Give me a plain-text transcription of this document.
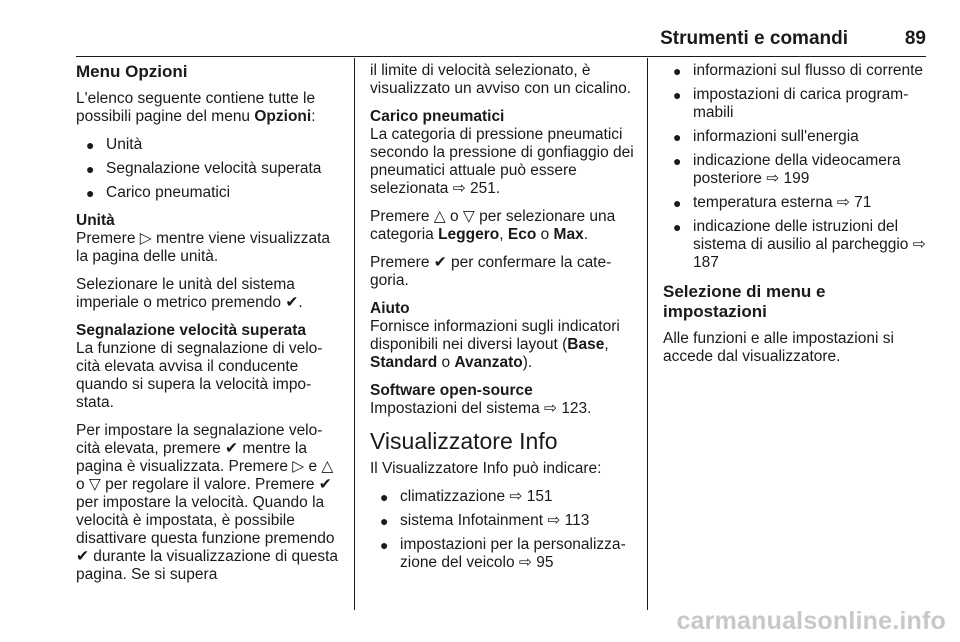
Strumenti e comandi	89
Menu Opzioni

L'elenco seguente contiene tutte le possibili pagine del menu Opzioni:

● Unità
● Segnalazione velocità superata
● Carico pneumatici
Unità

Premere ▷ mentre viene visualizzata la pagina delle unità.

Selezionare le unità del sistema imperiale o metrico premendo ✔.

Segnalazione velocità superata

La funzione di segnalazione di velocità elevata avvisa il conducente quando si supera la velocità impostata.

Per impostare la segnalazione velocità elevata, premere ✔ mentre la pagina è visualizzata. Premere ▷ e △ o ▽ per regolare il valore. Premere ✔ per impostare la velocità. Quando la velocità è impostata, è possibile disattivare questa funzione premendo ✔ durante la visualizzazione di questa pagina. Se si supera

il limite di velocità selezionato, è visualizzato un avviso con un cicalino.

Carico pneumatici

La categoria di pressione pneumatici secondo la pressione di gonfiaggio dei pneumatici attuale può essere selezionata ⇨ 251.

Premere △ o ▽ per selezionare una categoria Leggero, Eco o Max.

Premere ✔ per confermare la categoria.

Aiuto

Fornisce informazioni sugli indicatori disponibili nei diversi layout (Base, Standard o Avanzato).

Software open-source

Impostazioni del sistema ⇨ 123.

Visualizzatore Info

Il Visualizzatore Info può indicare:

● climatizzazione ⇨ 151
● sistema Infotainment ⇨ 113
● impostazioni per la personalizzazione del veicolo ⇨ 95
● informazioni sul flusso di corrente
● impostazioni di carica programmabili
● informazioni sull'energia
● indicazione della videocamera posteriore ⇨ 199
● temperatura esterna ⇨ 71
● indicazione delle istruzioni del sistema di ausilio al parcheggio ⇨ 187
Selezione di menu e impostazioni

Alle funzioni e alle impostazioni si accede dal visualizzatore.

carmanualsonline.info
